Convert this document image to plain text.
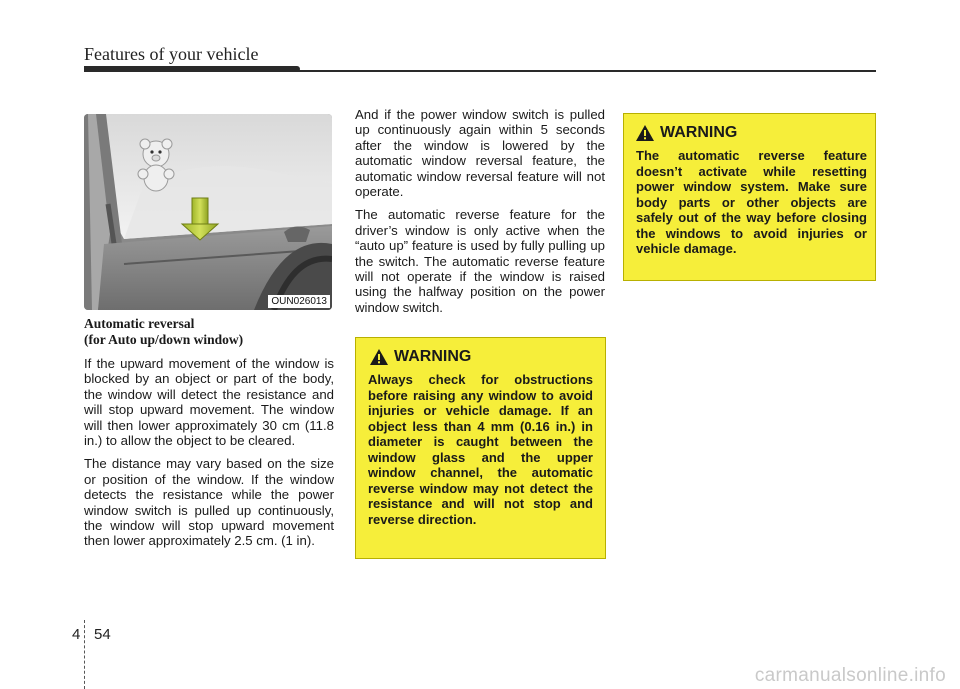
Features of your vehicle
OUN026013
Automatic reversal
(for Auto up/down window)

If the upward movement of the window is blocked by an object or part of the body, the window will detect the resistance and will stop upward movement. The window will then lower approximately 30 cm (11.8 in.) to allow the object to be cleared.

The distance may vary based on the size or position of the window. If the window detects the resistance while the power window switch is pulled up continuously, the window will stop upward movement then lower approximately 2.5 cm. (1 in).

And if the power window switch is pulled up continuously again within 5 seconds after the window is lowered by the automatic window reversal feature, the automatic window reversal feature will not operate.

The automatic reverse feature for the driver’s window is only active when the “auto up” feature is used by fully pulling up the switch. The automatic reverse feature will not operate if the window is raised using the halfway position on the power window switch.

WARNING
Always check for obstructions before raising any window to avoid injuries or vehicle damage. If an object less than 4 mm (0.16 in.) in diameter is caught between the window glass and the upper window channel, the automatic reverse window may not detect the resistance and will not stop and reverse direction.
WARNING
The automatic reverse feature doesn’t activate while resetting power window system. Make sure body parts or other objects are safely out of the way before closing the windows to avoid injuries or vehicle damage.
4 54
carmanualsonline.info
